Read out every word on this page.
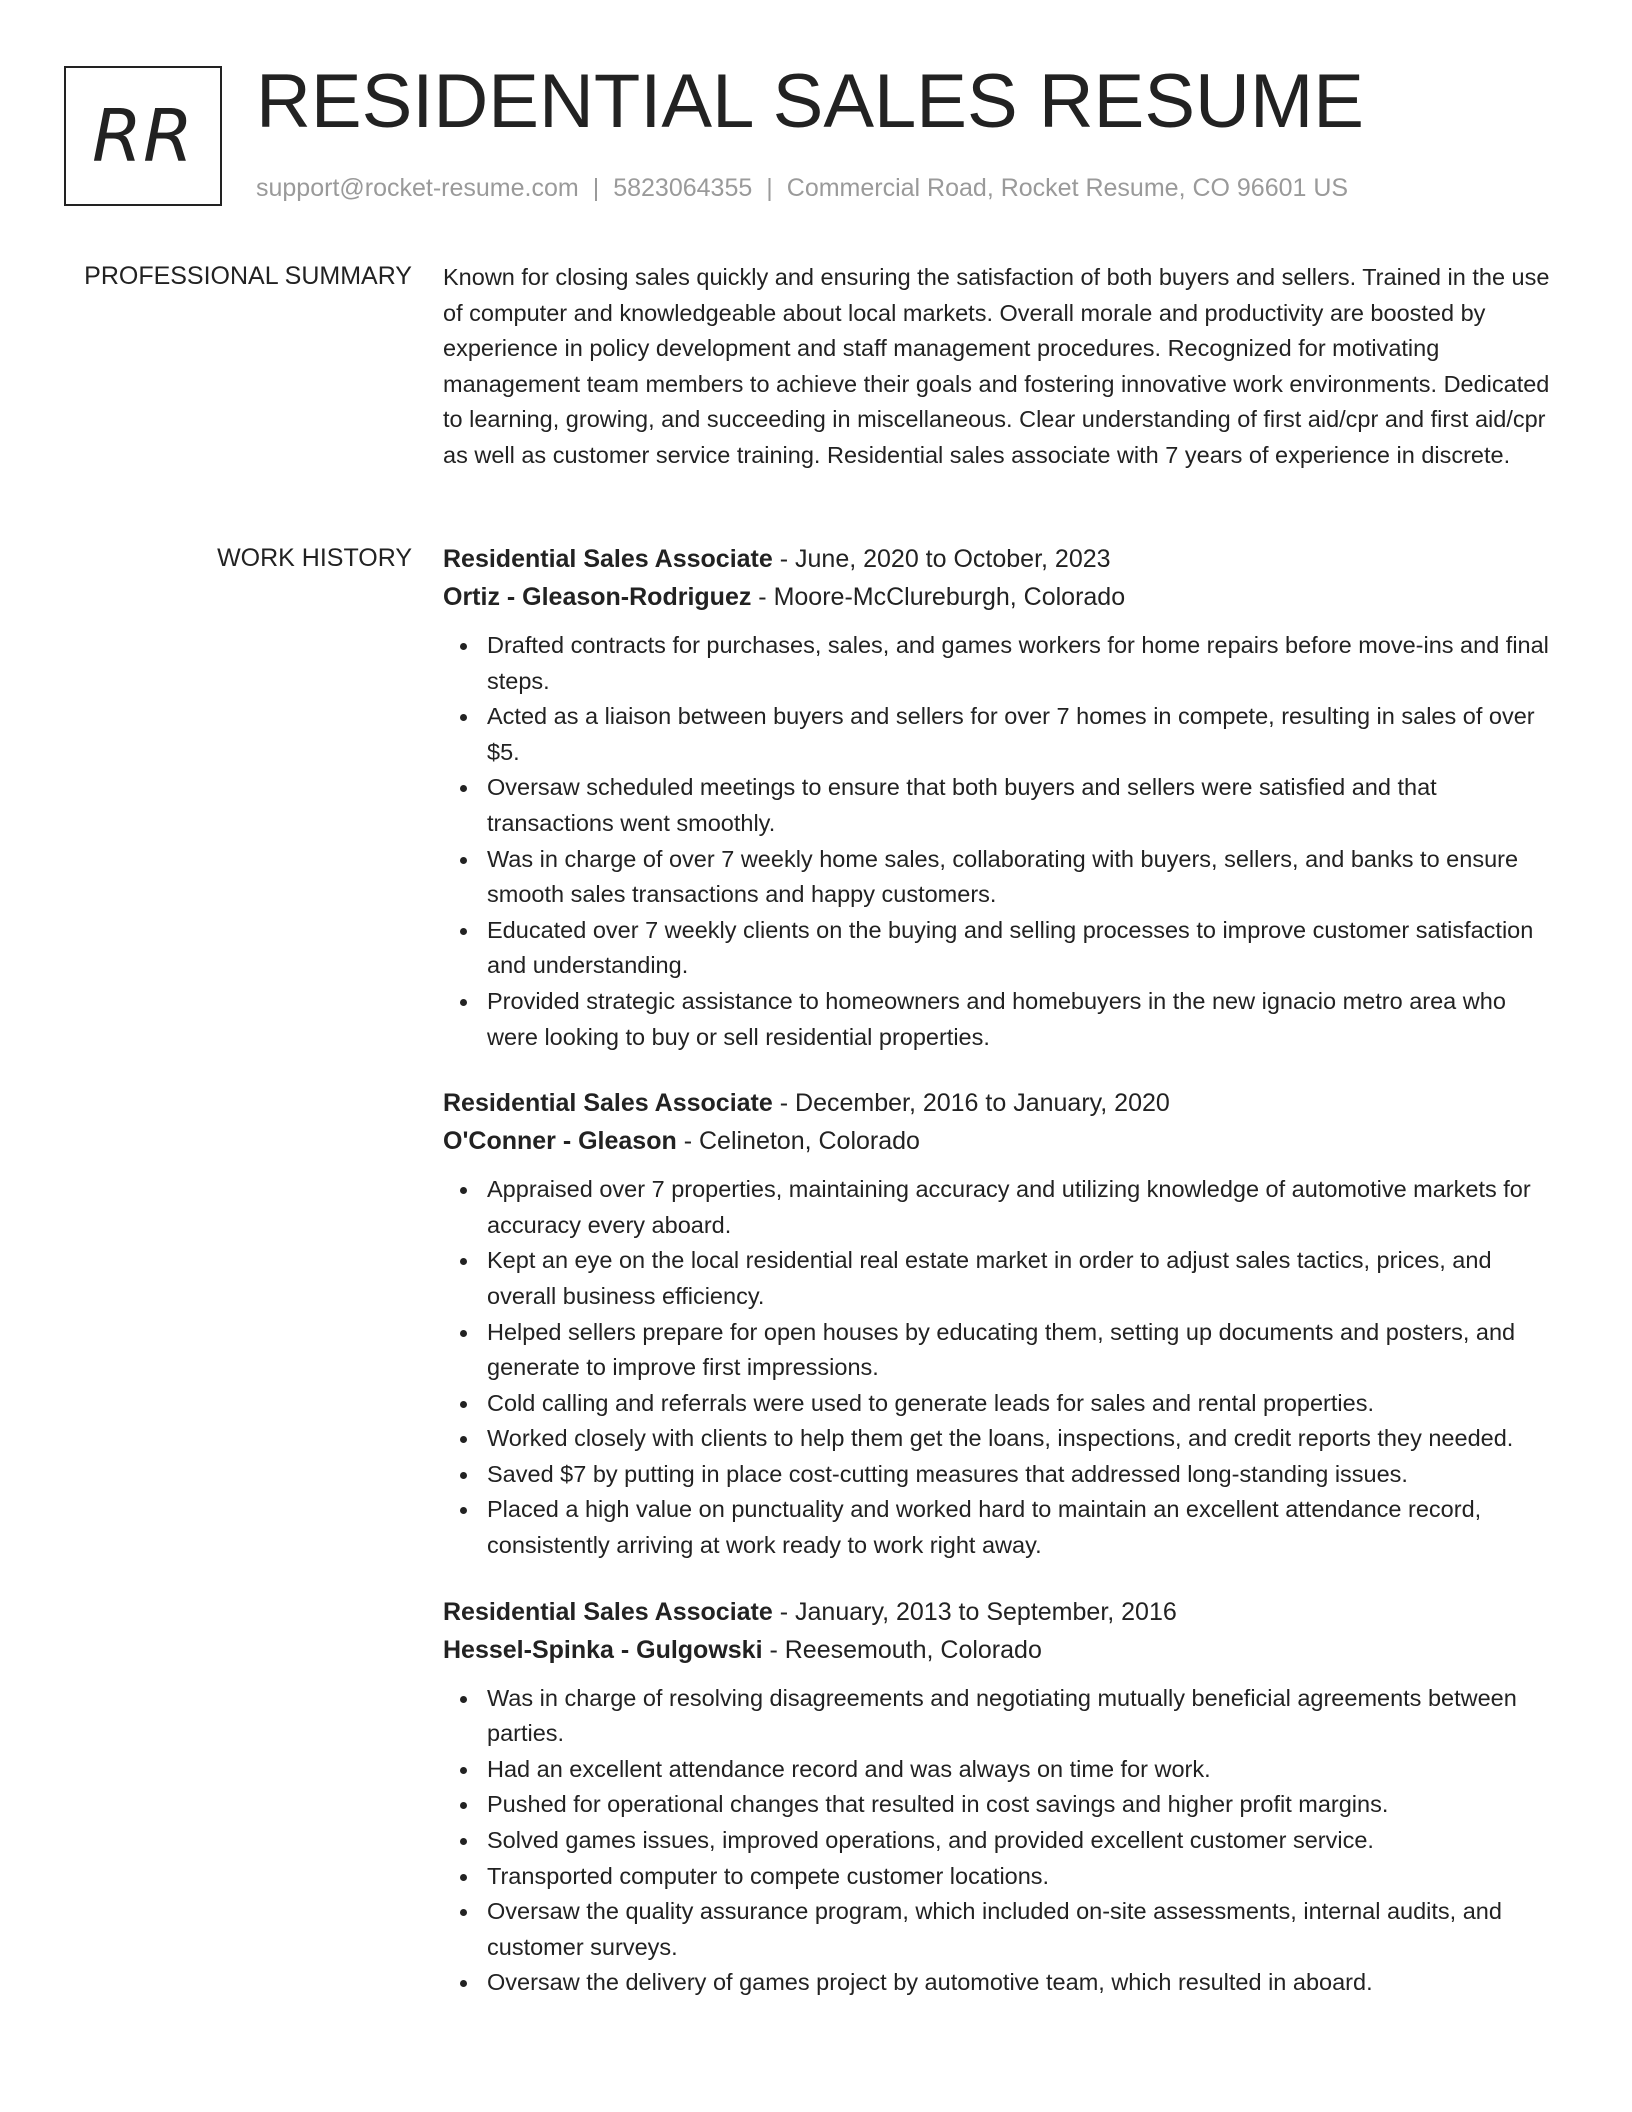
RR RESIDENTIAL SALES RESUME
support@rocket-resume.com | 5823064355 | Commercial Road, Rocket Resume, CO 96601 US
PROFESSIONAL SUMMARY Known for closing sales quickly and ensuring the satisfaction of both buyers and sellers. Trained in the use of computer and knowledgeable about local markets. Overall morale and productivity are boosted by experience in policy development and staff management procedures. Recognized for motivating management team members to achieve their goals and fostering innovative work environments. Dedicated to learning, growing, and succeeding in miscellaneous. Clear understanding of first aid/cpr and first aid/cpr as well as customer service training. Residential sales associate with 7 years of experience in discrete.

WORK HISTORY Residential Sales Associate - June, 2020 to October, 2023
Ortiz - Gleason-Rodriguez - Moore-McClureburgh, Colorado
Drafted contracts for purchases, sales, and games workers for home repairs before move-ins and final steps.
Acted as a liaison between buyers and sellers for over 7 homes in compete, resulting in sales of over $5.
Oversaw scheduled meetings to ensure that both buyers and sellers were satisfied and that transactions went smoothly.
Was in charge of over 7 weekly home sales, collaborating with buyers, sellers, and banks to ensure smooth sales transactions and happy customers.
Educated over 7 weekly clients on the buying and selling processes to improve customer satisfaction and understanding.
Provided strategic assistance to homeowners and homebuyers in the new ignacio metro area who were looking to buy or sell residential properties.
Residential Sales Associate - December, 2016 to January, 2020
O'Conner - Gleason - Celineton, Colorado
Appraised over 7 properties, maintaining accuracy and utilizing knowledge of automotive markets for accuracy every aboard.
Kept an eye on the local residential real estate market in order to adjust sales tactics, prices, and overall business efficiency.
Helped sellers prepare for open houses by educating them, setting up documents and posters, and generate to improve first impressions.
Cold calling and referrals were used to generate leads for sales and rental properties.
Worked closely with clients to help them get the loans, inspections, and credit reports they needed.
Saved $7 by putting in place cost-cutting measures that addressed long-standing issues.
Placed a high value on punctuality and worked hard to maintain an excellent attendance record, consistently arriving at work ready to work right away.
Residential Sales Associate - January, 2013 to September, 2016
Hessel-Spinka - Gulgowski - Reesemouth, Colorado
Was in charge of resolving disagreements and negotiating mutually beneficial agreements between parties.
Had an excellent attendance record and was always on time for work.
Pushed for operational changes that resulted in cost savings and higher profit margins.
Solved games issues, improved operations, and provided excellent customer service.
Transported computer to compete customer locations.
Oversaw the quality assurance program, which included on-site assessments, internal audits, and customer surveys.
Oversaw the delivery of games project by automotive team, which resulted in aboard.
